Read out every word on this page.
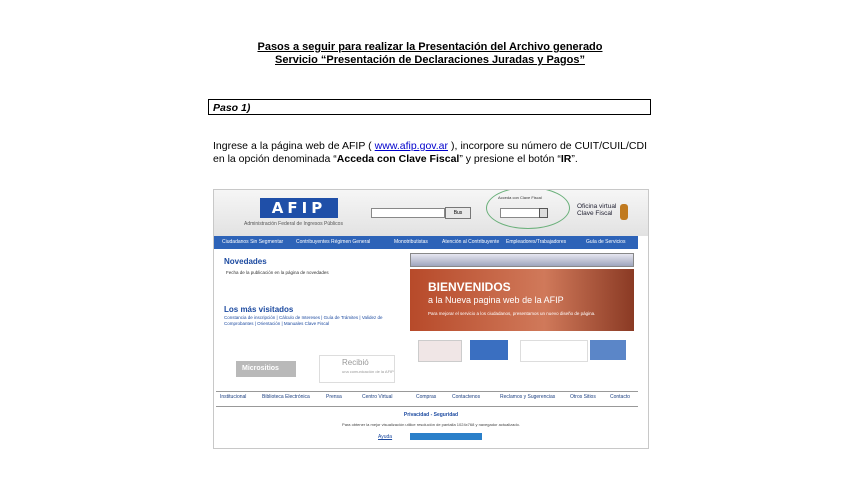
Pasos a seguir para realizar la Presentación del Archivo generado
Servicio “Presentación de Declaraciones Juradas y Pagos”
Paso 1)
Ingrese a la página web de AFIP ( www.afip.gov.ar ), incorpore su número de CUIT/CUIL/CDI en la opción denominada “Acceda con Clave Fiscal” y presione el botón “IR”.
AFIP
Administración Federal de Ingresos Públicos
Bus
Acceda con Clave Fiscal
Oficina virtual
Clave Fiscal
Ciudadanos Sin Segmentar	Contribuyentes Régimen General	Monotributistas	Atención al Contribuyente Empleadores/Trabajadores	Guía de Servicios
Novedades
Fecha de la publicación en la página de novedades
Los más visitados
Constancia de inscripción | Cálculo de Intereses | Guía de Trámites | Validez de Comprobantes | Orientación | Manuales Clave Fiscal
Micrositios
Recibió
una comunicación de la AFIP
BIENVENIDOS
a la Nueva pagina web de la AFIP
Para mejorar el servicio a los ciudadanos, presentamos un nuevo diseño de página.
Institucional	Biblioteca Electrónica	Prensa	Centro Virtual	Compras	Contactenos	Reclamos y Sugerencias	Otros Sitios	Contacto
Privacidad - Seguridad
Para obtener la mejor visualización utilice resolución de pantalla 1024x768 y navegador actualizado.
Ayuda
